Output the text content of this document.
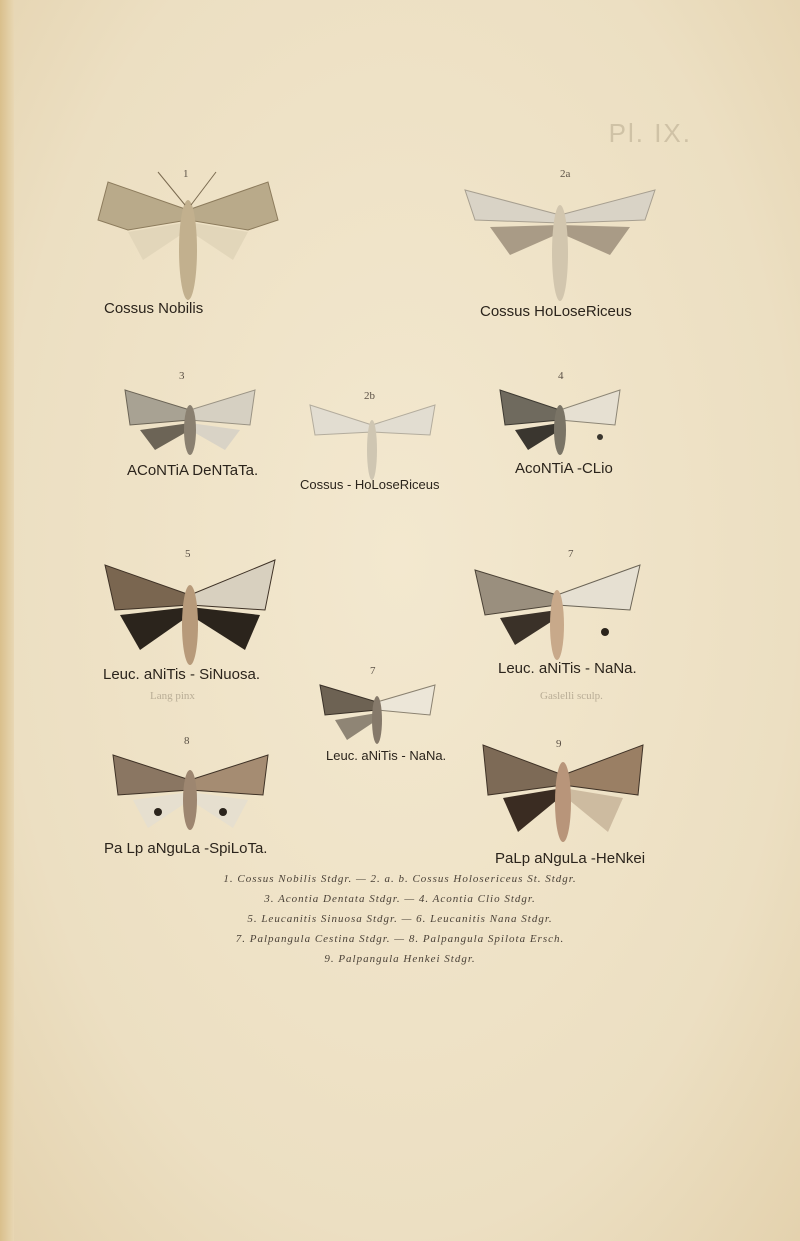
Pl. IX.
1
Cossus Nobilis
2a
Cossus HoLoseRiceus
3
ACoNTiA DeNTaTa.
2b
Cossus - HoLoseRiceus
4
AcoNTiA -CLio
5
Leuc. aNiTis - SiNuosa.
7
Leuc. aNiTis - NaNa.
7
Leuc. aNiTis - NaNa.
8
Pa Lp aNguLa -SpiLoTa.
9
PaLp aNguLa -HeNkei
1. Cossus Nobilis Stdgr. — 2. a. b. Cossus Holosericeus St. Stdgr.
3. Acontia Dentata Stdgr. — 4. Acontia Clio Stdgr.
5. Leucanitis Sinuosa Stdgr. — 6. Leucanitis Nana Stdgr.
7. Palpangula Cestina Stdgr. — 8. Palpangula Spilota Ersch.
9. Palpangula Henkei Stdgr.
Lang pinx	Gaslelli sculp.
